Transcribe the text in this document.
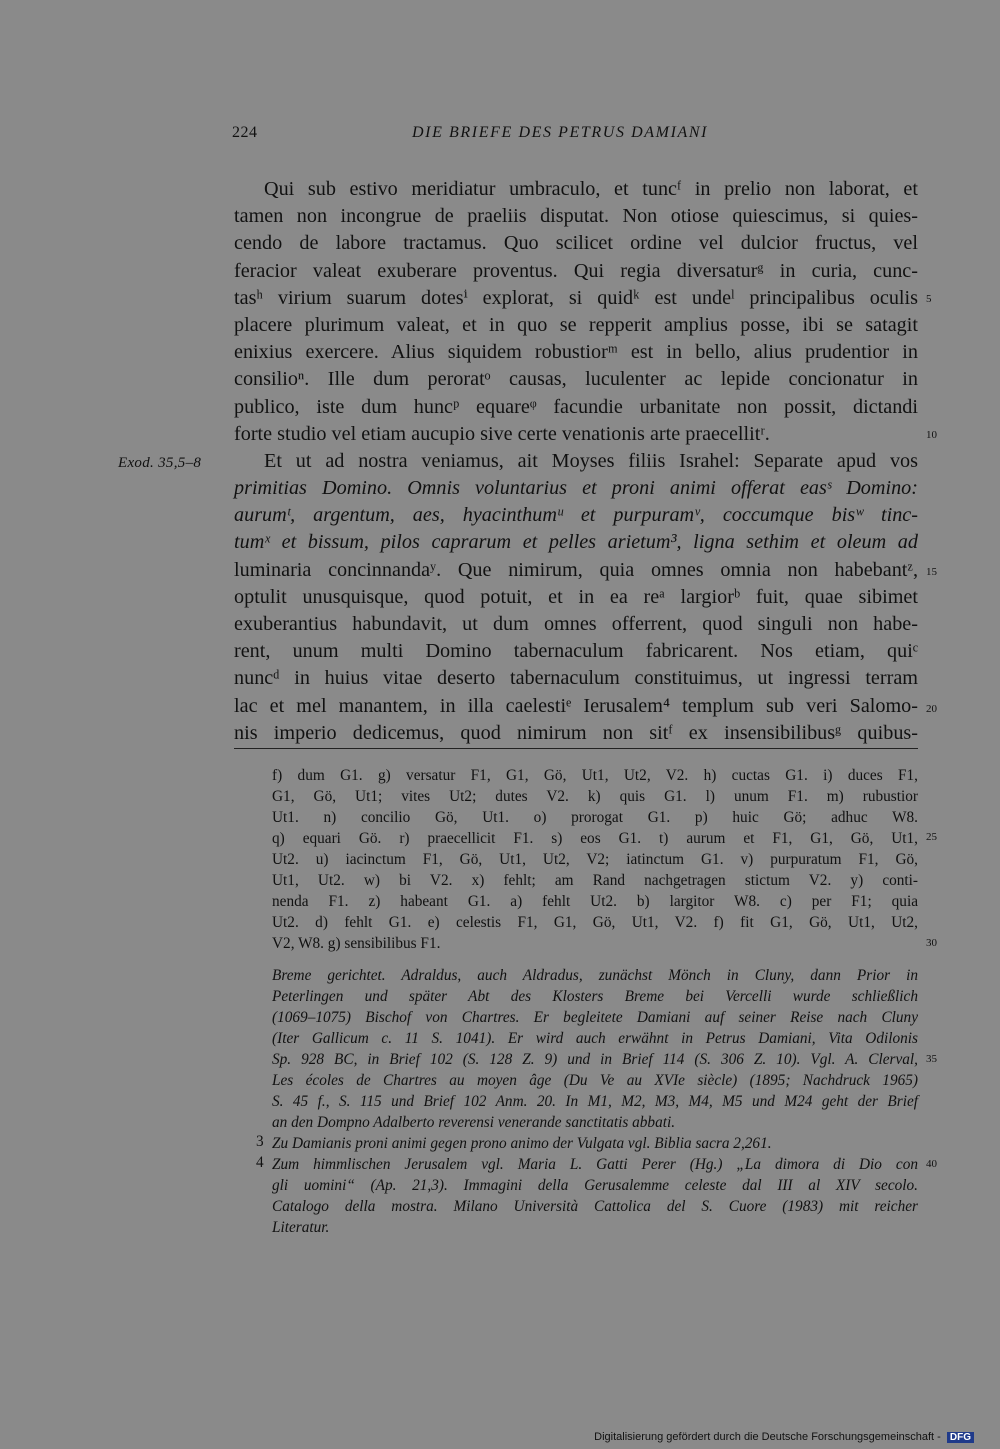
224	DIE BRIEFE DES PETRUS DAMIANI
Exod. 35,5–8
Qui sub estivo meridiatur umbraculo, et tuncᶠ in prelio non laborat, et
tamen non incongrue de praeliis disputat. Non otiose quiescimus, si quies-
cendo de labore tractamus. Quo scilicet ordine vel dulcior fructus, vel
feracior valeat exuberare proventus. Qui regia diversaturᵍ in curia, cunc-
tasʰ virium suarum dotesⁱ explorat, si quidᵏ est undeˡ principalibus oculis
placere plurimum valeat, et in quo se repperit amplius posse, ibi se satagit
enixius exercere. Alius siquidem robustiorᵐ est in bello, alius prudentior in
consilioⁿ. Ille dum peroratᵒ causas, luculenter ac lepide concionatur in
publico, iste dum huncᵖ equareᵠ facundie urbanitate non possit, dictandi
forte studio vel etiam aucupio sive certe venationis arte praecellitʳ.
Et ut ad nostra veniamus, ait Moyses filiis Israhel: Separate apud vos
primitias Domino. Omnis voluntarius et proni animi offerat easˢ Domino:
aurumᵗ, argentum, aes, hyacinthumᵘ et purpuramᵛ, coccumque bisʷ tinc-
tumˣ et bissum, pilos caprarum et pelles arietum³, ligna sethim et oleum ad
luminaria concinnandaʸ. Que nimirum, quia omnes omnia non habebantᶻ,
optulit unusquisque, quod potuit, et in ea reᵃ largiorᵇ fuit, quae sibimet
exuberantius habundavit, ut dum omnes offerrent, quod singuli non habe-
rent, unum multi Domino tabernaculum fabricarent. Nos etiam, quiᶜ
nuncᵈ in huius vitae deserto tabernaculum constituimus, ut ingressi terram
lac et mel manantem, in illa caelestiᵉ Ierusalem⁴ templum sub veri Salomo-
nis imperio dedicemus, quod nimirum non sitᶠ ex insensibilibusᵍ quibus-
5
10
15
20
25
30
35
40
f) dum G1. g) versatur F1, G1, Gö, Ut1, Ut2, V2. h) cuctas G1. i) duces F1,
G1, Gö, Ut1; vites Ut2; dutes V2. k) quis G1. l) unum F1. m) rubustior
Ut1. n) concilio Gö, Ut1. o) prorogat G1. p) huic Gö; adhuc W8.
q) equari Gö. r) praecellicit F1. s) eos G1. t) aurum et F1, G1, Gö, Ut1,
Ut2. u) iacinctum F1, Gö, Ut1, Ut2, V2; iatinctum G1. v) purpuratum F1, Gö,
Ut1, Ut2. w) bi V2. x) fehlt; am Rand nachgetragen stictum V2. y) conti-
nenda F1. z) habeant G1. a) fehlt Ut2. b) largitor W8. c) per F1; quia
Ut2. d) fehlt G1. e) celestis F1, G1, Gö, Ut1, V2. f) fit G1, Gö, Ut1, Ut2,
V2, W8. g) sensibilibus F1.
Breme gerichtet. Adraldus, auch Aldradus, zunächst Mönch in Cluny, dann Prior in
Peterlingen und später Abt des Klosters Breme bei Vercelli wurde schließlich
(1069–1075) Bischof von Chartres. Er begleitete Damiani auf seiner Reise nach Cluny
(Iter Gallicum c. 11 S. 1041). Er wird auch erwähnt in Petrus Damiani, Vita Odilonis
Sp. 928 BC, in Brief 102 (S. 128 Z. 9) und in Brief 114 (S. 306 Z. 10). Vgl. A. Clerval,
Les écoles de Chartres au moyen âge (Du Ve au XVIe siècle) (1895; Nachdruck 1965)
S. 45 f., S. 115 und Brief 102 Anm. 20. In M1, M2, M3, M4, M5 und M24 geht der Brief
an den Dompno Adalberto reverensi venerande sanctitatis abbati.
Zu Damianis proni animi gegen prono animo der Vulgata vgl. Biblia sacra 2,261.
Zum himmlischen Jerusalem vgl. Maria L. Gatti Perer (Hg.) „La dimora di Dio con
gli uomini“ (Ap. 21,3). Immagini della Gerusalemme celeste dal III al XIV secolo.
Catalogo della mostra. Milano Università Cattolica del S. Cuore (1983) mit reicher
Literatur.
3
4
Digitalisierung gefördert durch die Deutsche Forschungsgemeinschaft - DFG
